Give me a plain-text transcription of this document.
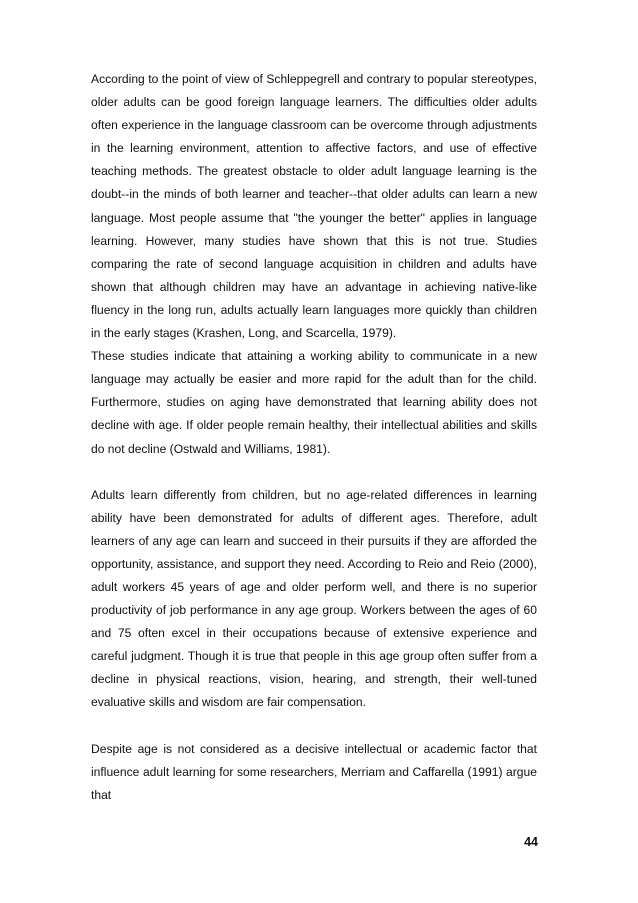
According to the point of view of Schleppegrell and contrary to popular stereotypes, older adults can be good foreign language learners. The difficulties older adults often experience in the language classroom can be overcome through adjustments in the learning environment, attention to affective factors, and use of effective teaching methods. The greatest obstacle to older adult language learning is the doubt--in the minds of both learner and teacher--that older adults can learn a new language. Most people assume that "the younger the better" applies in language learning. However, many studies have shown that this is not true. Studies comparing the rate of second language acquisition in children and adults have shown that although children may have an advantage in achieving native-like fluency in the long run, adults actually learn languages more quickly than children in the early stages (Krashen, Long, and Scarcella, 1979).

These studies indicate that attaining a working ability to communicate in a new language may actually be easier and more rapid for the adult than for the child. Furthermore, studies on aging have demonstrated that learning ability does not decline with age. If older people remain healthy, their intellectual abilities and skills do not decline (Ostwald and Williams, 1981).

Adults learn differently from children, but no age-related differences in learning ability have been demonstrated for adults of different ages. Therefore, adult learners of any age can learn and succeed in their pursuits if they are afforded the opportunity, assistance, and support they need. According to Reio and Reio (2000), adult workers 45 years of age and older perform well, and there is no superior productivity of job performance in any age group. Workers between the ages of 60 and 75 often excel in their occupations because of extensive experience and careful judgment. Though it is true that people in this age group often suffer from a decline in physical reactions, vision, hearing, and strength, their well-tuned evaluative skills and wisdom are fair compensation.

Despite age is not considered as a decisive intellectual or academic factor that influence adult learning for some researchers, Merriam and Caffarella (1991) argue that

44
